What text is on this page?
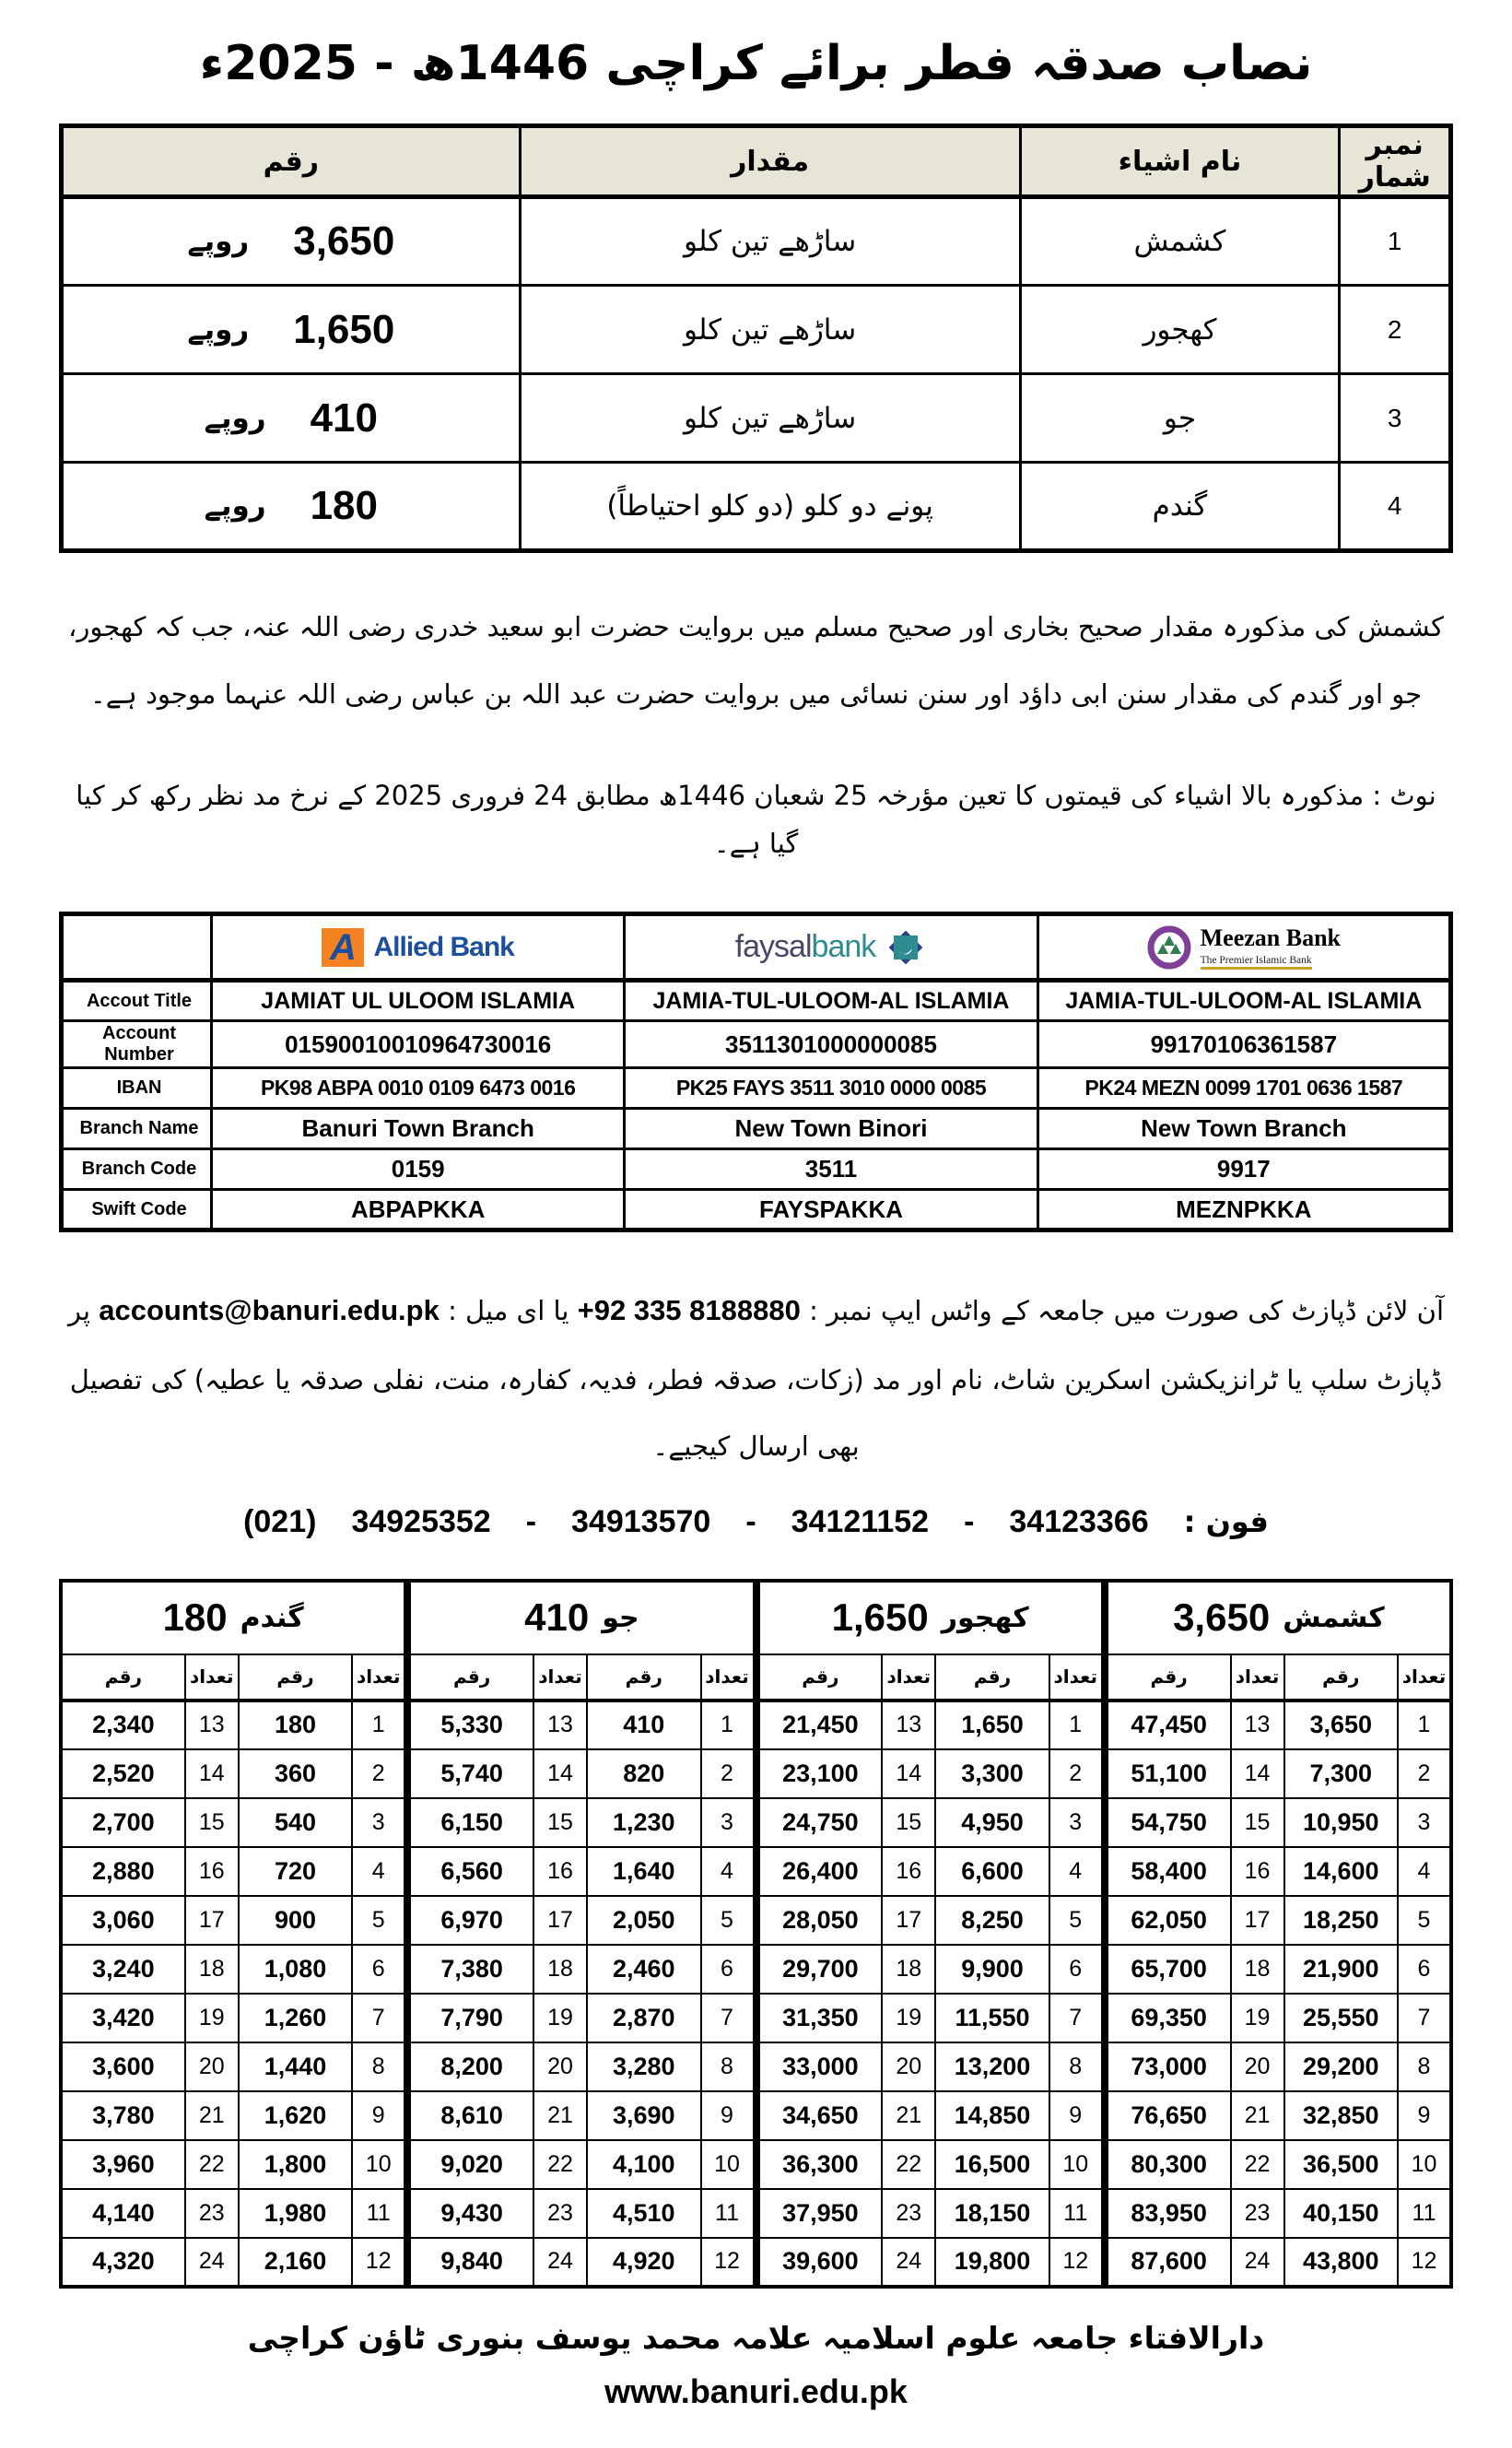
نصاب صدقہ فطر برائے کراچی 1446ھ - 2025ء
نمبر شمار	نام اشیاء	مقدار	رقم
1	کشمش	ساڑھے تین کلو	3,650
روپے

2	کھجور	ساڑھے تین کلو	1,650
روپے

3	جو	ساڑھے تین کلو	410
روپے

4	گندم	پونے دو کلو (دو کلو احتیاطاً)	180
روپے

کشمش کی مذکورہ مقدار صحیح بخاری اور صحیح مسلم میں بروایت حضرت ابو سعید خدری رضی اللہ عنہ، جب کہ کھجور، جو اور گندم کی مقدار سنن ابی داؤد اور سنن نسائی میں بروایت حضرت عبد اللہ بن عباس رضی اللہ عنہما موجود ہے۔

نوٹ : مذکورہ بالا اشیاء کی قیمتوں کا تعین مؤرخہ 25 شعبان 1446ھ مطابق 24 فروری 2025 کے نرخ مد نظر رکھ کر کیا گیا ہے۔

A Allied Bank	faysalbank	Meezan Bank
The Premier Islamic Bank

Accout Title	JAMIAT UL ULOOM ISLAMIA	JAMIA-TUL-ULOOM-AL ISLAMIA	JAMIA-TUL-ULOOM-AL ISLAMIA
Account Number	01590010010964730016	3511301000000085	99170106361587
IBAN	PK98 ABPA 0010 0109 6473 0016	PK25 FAYS 3511 3010 0000 0085	PK24 MEZN 0099 1701 0636 1587
Branch Name	Banuri Town Branch	New Town Binori	New Town Branch
Branch Code	0159	3511	9917
Swift Code	ABPAPKKA	FAYSPAKKA	MEZNPKKA

آن لائن ڈپازٹ کی صورت میں جامعہ کے واٹس ایپ نمبر : +92 335 8188880 یا ای میل : accounts@banuri.edu.pk پر
ڈپازٹ سلپ یا ٹرانزیکشن اسکرین شاٹ، نام اور مد (زکات، صدقہ فطر، فدیہ، کفارہ، منت، نفلی صدقہ یا عطیہ) کی تفصیل بھی ارسال کیجیے۔

فون :
34123366
-
34121152
-
34913570
-
34925352
(021)
کشمش
3,650			

تعداد	رقم	تعداد	رقم
1	3,650	13	47,450
2	7,300	14	51,100
3	10,950	15	54,750
4	14,600	16	58,400
5	18,250	17	62,050
6	21,900	18	65,700
7	25,550	19	69,350
8	29,200	20	73,000
9	32,850	21	76,650
10	36,500	22	80,300
11	40,150	23	83,950
12	43,800	24	87,600
کھجور
1,650			

تعداد	رقم	تعداد	رقم
1	1,650	13	21,450
2	3,300	14	23,100
3	4,950	15	24,750
4	6,600	16	26,400
5	8,250	17	28,050
6	9,900	18	29,700
7	11,550	19	31,350
8	13,200	20	33,000
9	14,850	21	34,650
10	16,500	22	36,300
11	18,150	23	37,950
12	19,800	24	39,600
جو
410			

تعداد	رقم	تعداد	رقم
1	410	13	5,330
2	820	14	5,740
3	1,230	15	6,150
4	1,640	16	6,560
5	2,050	17	6,970
6	2,460	18	7,380
7	2,870	19	7,790
8	3,280	20	8,200
9	3,690	21	8,610
10	4,100	22	9,020
11	4,510	23	9,430
12	4,920	24	9,840
گندم
180			

تعداد	رقم	تعداد	رقم
1	180	13	2,340
2	360	14	2,520
3	540	15	2,700
4	720	16	2,880
5	900	17	3,060
6	1,080	18	3,240
7	1,260	19	3,420
8	1,440	20	3,600
9	1,620	21	3,780
10	1,800	22	3,960
11	1,980	23	4,140
12	2,160	24	4,320

دارالافتاء جامعہ علوم اسلامیہ علامہ محمد یوسف بنوری ٹاؤن کراچی

www.banuri.edu.pk
